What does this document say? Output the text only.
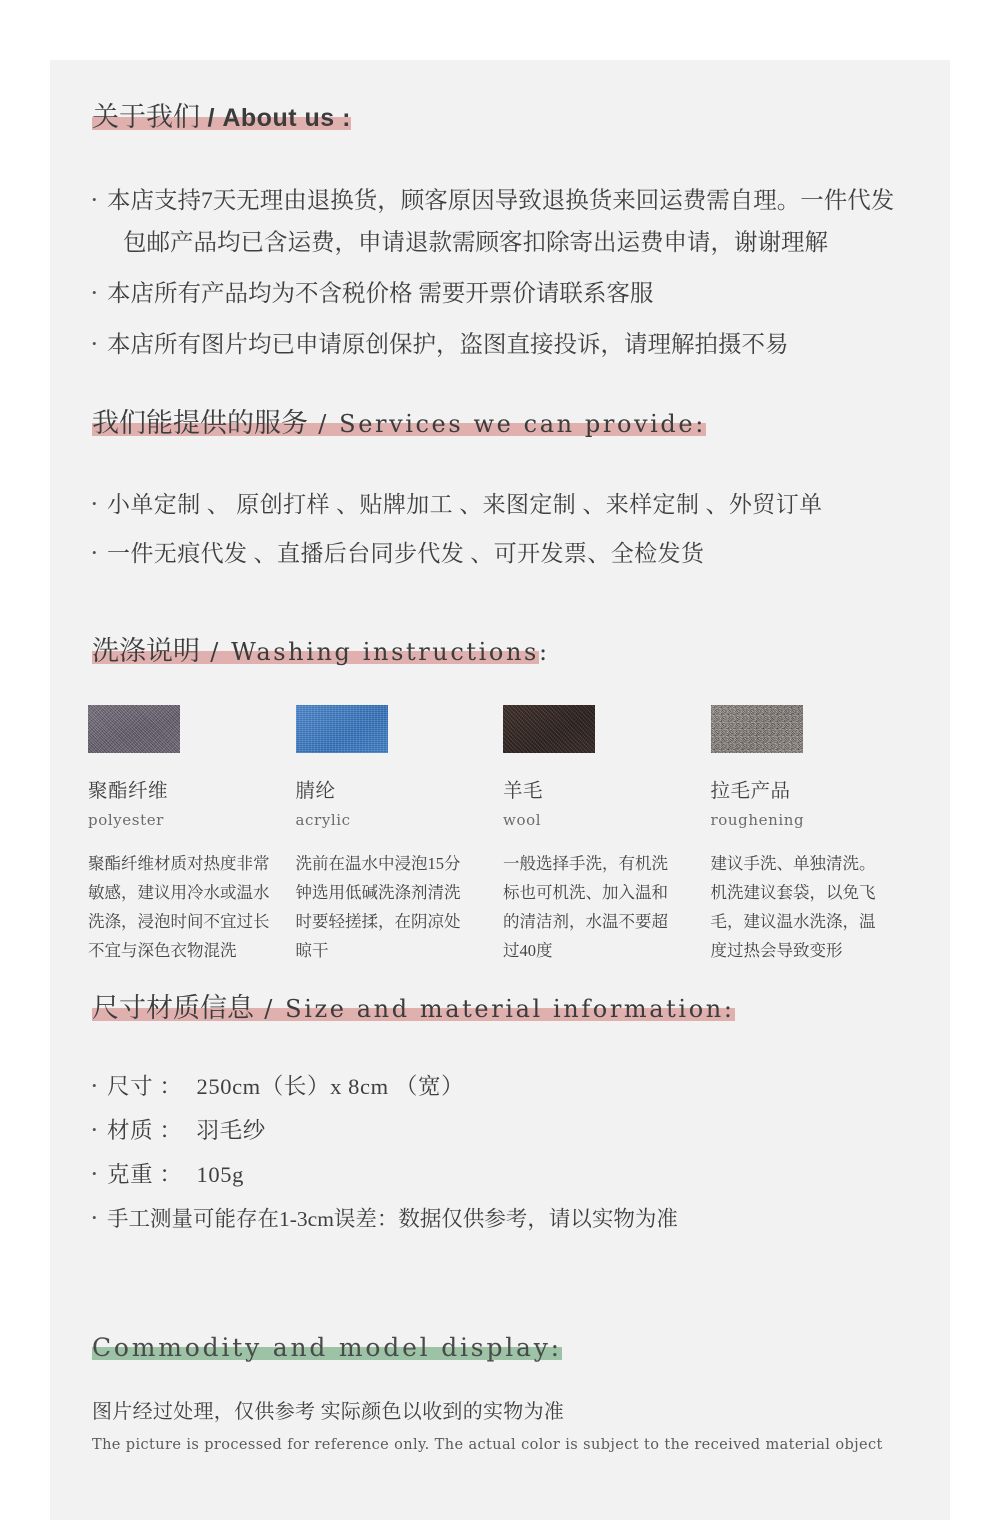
关于我们 / About us :
• 本店支持7天无理由退换货，顾客原因导致退换货来回运费需自理。一件代发
包邮产品均已含运费，申请退款需顾客扣除寄出运费申请，谢谢理解
• 本店所有产品均为不含税价格 需要开票价请联系客服
• 本店所有图片均已申请原创保护，盗图直接投诉，请理解拍摄不易
我们能提供的服务 / Services we can provide:
• 小单定制 、 原创打样 、贴牌加工 、来图定制 、来样定制 、外贸订单
• 一件无痕代发 、直播后台同步代发 、可开发票、全检发货
洗涤说明 / Washing instructions:
聚酯纤维
polyester
聚酯纤维材质对热度非常
敏感，建议用冷水或温水
洗涤，浸泡时间不宜过长
不宜与深色衣物混洗
腈纶
acrylic
洗前在温水中浸泡15分
钟选用低碱洗涤剂清洗
时要轻搓揉，在阴凉处
晾干
羊毛
wool
一般选择手洗，有机洗
标也可机洗、加入温和
的清洁剂，水温不要超
过40度
拉毛产品
roughening
建议手洗、单独清洗。
机洗建议套袋，以免飞
毛，建议温水洗涤，温
度过热会导致变形
尺寸材质信息 / Size and material information:
• 尺寸 ： 250cm（长）x 8cm （宽）
• 材质 ： 羽毛纱
• 克重 ： 105g
• 手工测量可能存在1-3cm误差：数据仅供参考，请以实物为准
Commodity and model display:
图片经过处理，仅供参考 实际颜色以收到的实物为准
The picture is processed for reference only. The actual color is subject to the received material object
